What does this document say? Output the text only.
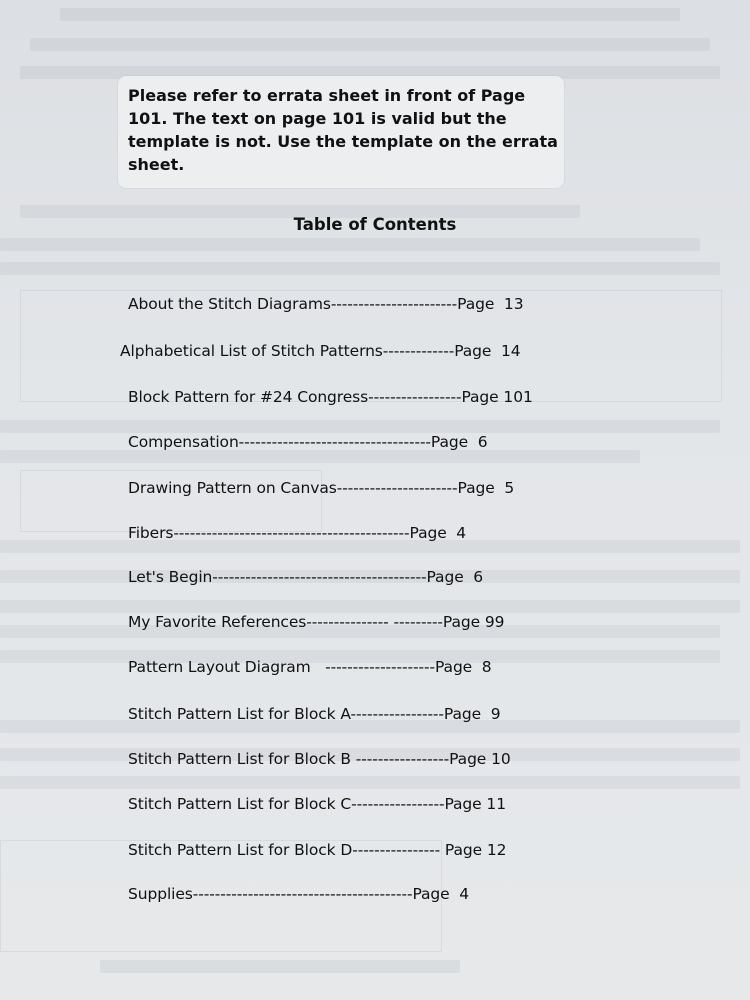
Please refer to errata sheet in front of Page 101. The text on page 101 is valid but the template is not. Use the template on the errata sheet.

Table of Contents
About the Stitch Diagrams-----------------------Page  13
Alphabetical List of Stitch Patterns-------------Page  14
Block Pattern for #24 Congress-----------------Page 101
Compensation-----------------------------------Page  6
Drawing Pattern on Canvas----------------------Page  5
Fibers-------------------------------------------Page  4
Let's Begin---------------------------------------Page  6
My Favorite References--------------- ---------Page 99
Pattern Layout Diagram   --------------------Page  8
Stitch Pattern List for Block A-----------------Page  9
Stitch Pattern List for Block B -----------------Page 10
Stitch Pattern List for Block C-----------------Page 11
Stitch Pattern List for Block D---------------- Page 12
Supplies----------------------------------------Page  4
